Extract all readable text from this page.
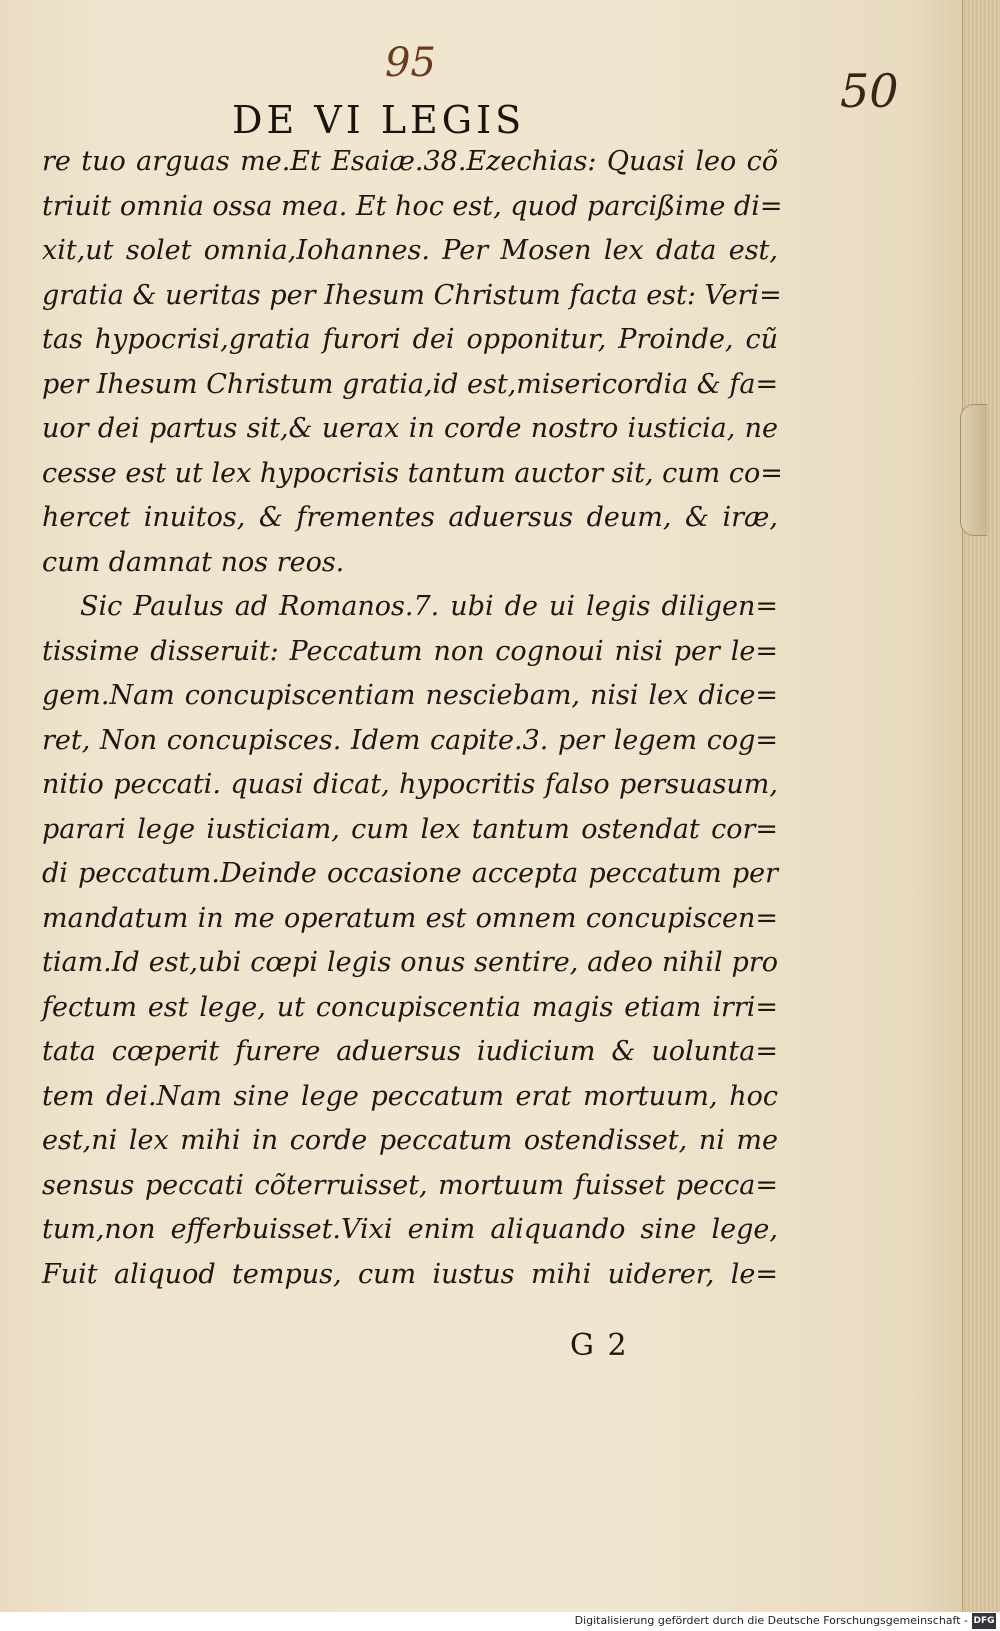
95
50
DE VI LEGIS
re tuo arguas me.Et Esaiæ.38.Ezechias: Quasi leo cõ
triuit omnia ossa mea. Et hoc est, quod parcißime di=
xit,ut solet omnia,Iohannes. Per Mosen lex data est,
gratia & ueritas per Ihesum Christum facta est: Veri=
tas hypocrisi,gratia furori dei opponitur, Proinde, cũ
per Ihesum Christum gratia,id est,misericordia & fa=
uor dei partus sit,& uerax in corde nostro iusticia, ne
cesse est ut lex hypocrisis tantum auctor sit, cum co=
hercet inuitos, & frementes aduersus deum, & iræ,
cum damnat nos reos.
Sic Paulus ad Romanos.7. ubi de ui legis diligen=
tissime disseruit: Peccatum non cognoui nisi per le=
gem.Nam concupiscentiam nesciebam, nisi lex dice=
ret, Non concupisces. Idem capite.3. per legem cog=
nitio peccati. quasi dicat, hypocritis falso persuasum,
parari lege iusticiam, cum lex tantum ostendat cor=
di peccatum.Deinde occasione accepta peccatum per
mandatum in me operatum est omnem concupiscen=
tiam.Id est,ubi cœpi legis onus sentire, adeo nihil pro
fectum est lege, ut concupiscentia magis etiam irri=
tata cœperit furere aduersus iudicium & uolunta=
tem dei.Nam sine lege peccatum erat mortuum, hoc
est,ni lex mihi in corde peccatum ostendisset, ni me
sensus peccati cõterruisset, mortuum fuisset pecca=
tum,non efferbuisset.Vixi enim aliquando sine lege,
Fuit aliquod tempus, cum iustus mihi uiderer, le=
G 2
Digitalisierung gefördert durch die Deutsche Forschungsgemeinschaft - DFG
